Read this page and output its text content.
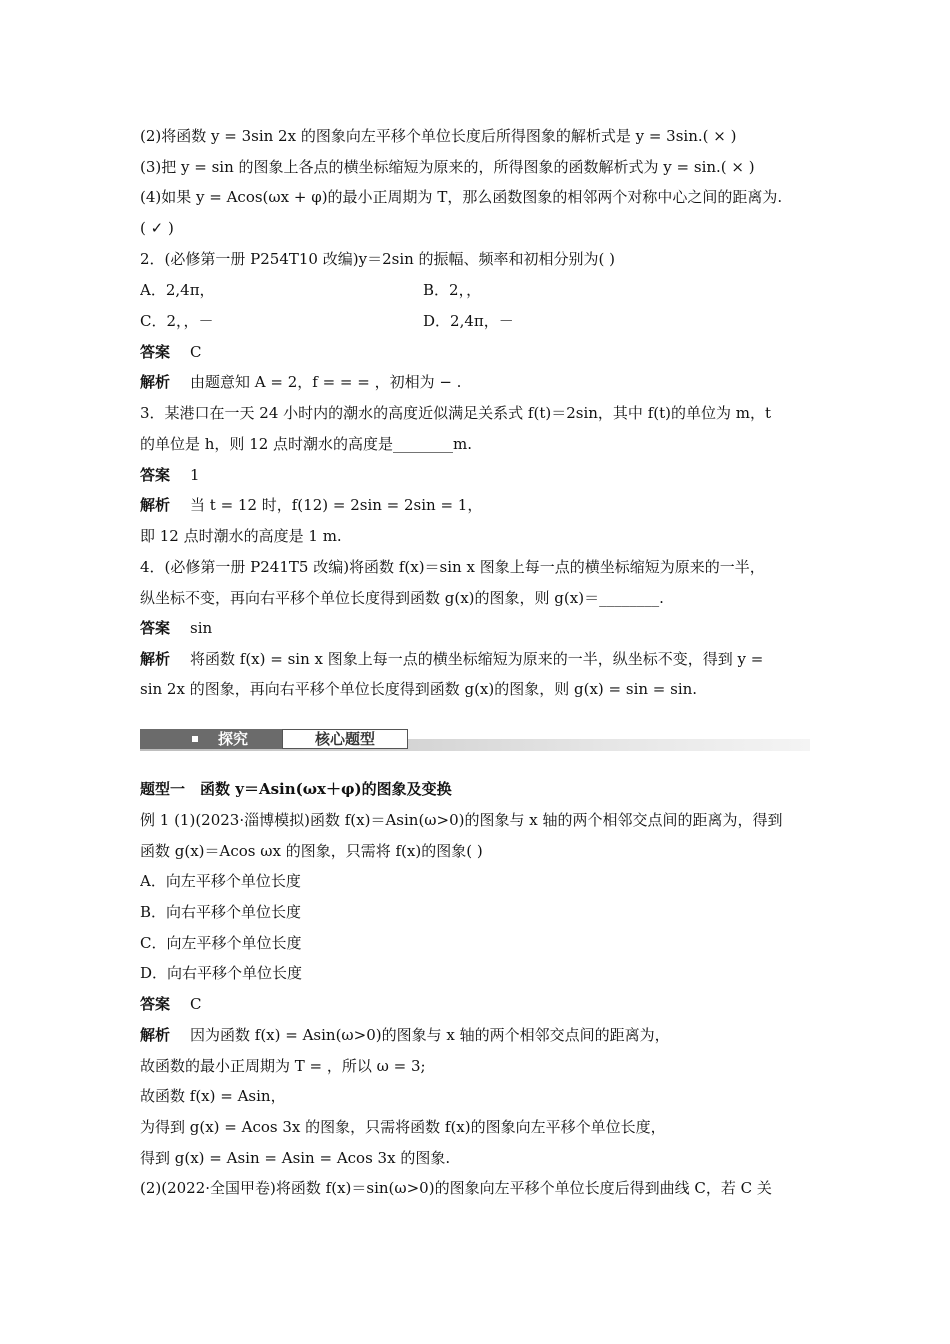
(2)将函数 y = 3sin 2x 的图象向左平移个单位长度后所得图象的解析式是 y = 3sin.( × )
(3)把 y = sin 的图象上各点的横坐标缩短为原来的，所得图象的函数解析式为 y = sin.( × )
(4)如果 y = Acos(ωx + φ)的最小正周期为 T，那么函数图象的相邻两个对称中心之间的距离为.
( ✓ )
2．(必修第一册 P254T10 改编)y＝2sin 的振幅、频率和初相分别为( )
A．2,4π，	B．2，，
C．2，，－	D．2,4π，－
答案	C
解析	由题意知 A = 2，f = = = ，初相为 − .
3．某港口在一天 24 小时内的潮水的高度近似满足关系式 f(t)＝2sin，其中 f(t)的单位为 m，t
的单位是 h，则 12 点时潮水的高度是________m.
答案	1
解析	当 t = 12 时，f(12) = 2sin = 2sin = 1，
即 12 点时潮水的高度是 1 m.
4．(必修第一册 P241T5 改编)将函数 f(x)＝sin x 图象上每一点的横坐标缩短为原来的一半，
纵坐标不变，再向右平移个单位长度得到函数 g(x)的图象，则 g(x)＝________.
答案	sin
解析	将函数 f(x) = sin x 图象上每一点的横坐标缩短为原来的一半，纵坐标不变，得到 y =
sin 2x 的图象，再向右平移个单位长度得到函数 g(x)的图象，则 g(x) = sin = sin.
探究	核心题型
题型一　函数 y＝Asin(ωx＋φ)的图象及变换
例 1 (1)(2023·淄博模拟)函数 f(x)＝Asin(ω>0)的图象与 x 轴的两个相邻交点间的距离为，得到
函数 g(x)＝Acos ωx 的图象，只需将 f(x)的图象( )
A．向左平移个单位长度
B．向右平移个单位长度
C．向左平移个单位长度
D．向右平移个单位长度
答案	C
解析	因为函数 f(x) = Asin(ω>0)的图象与 x 轴的两个相邻交点间的距离为，
故函数的最小正周期为 T = ，所以 ω = 3;
故函数 f(x) = Asin，
为得到 g(x) = Acos 3x 的图象，只需将函数 f(x)的图象向左平移个单位长度，
得到 g(x) = Asin = Asin = Acos 3x 的图象.
(2)(2022·全国甲卷)将函数 f(x)＝sin(ω>0)的图象向左平移个单位长度后得到曲线 C，若 C 关
